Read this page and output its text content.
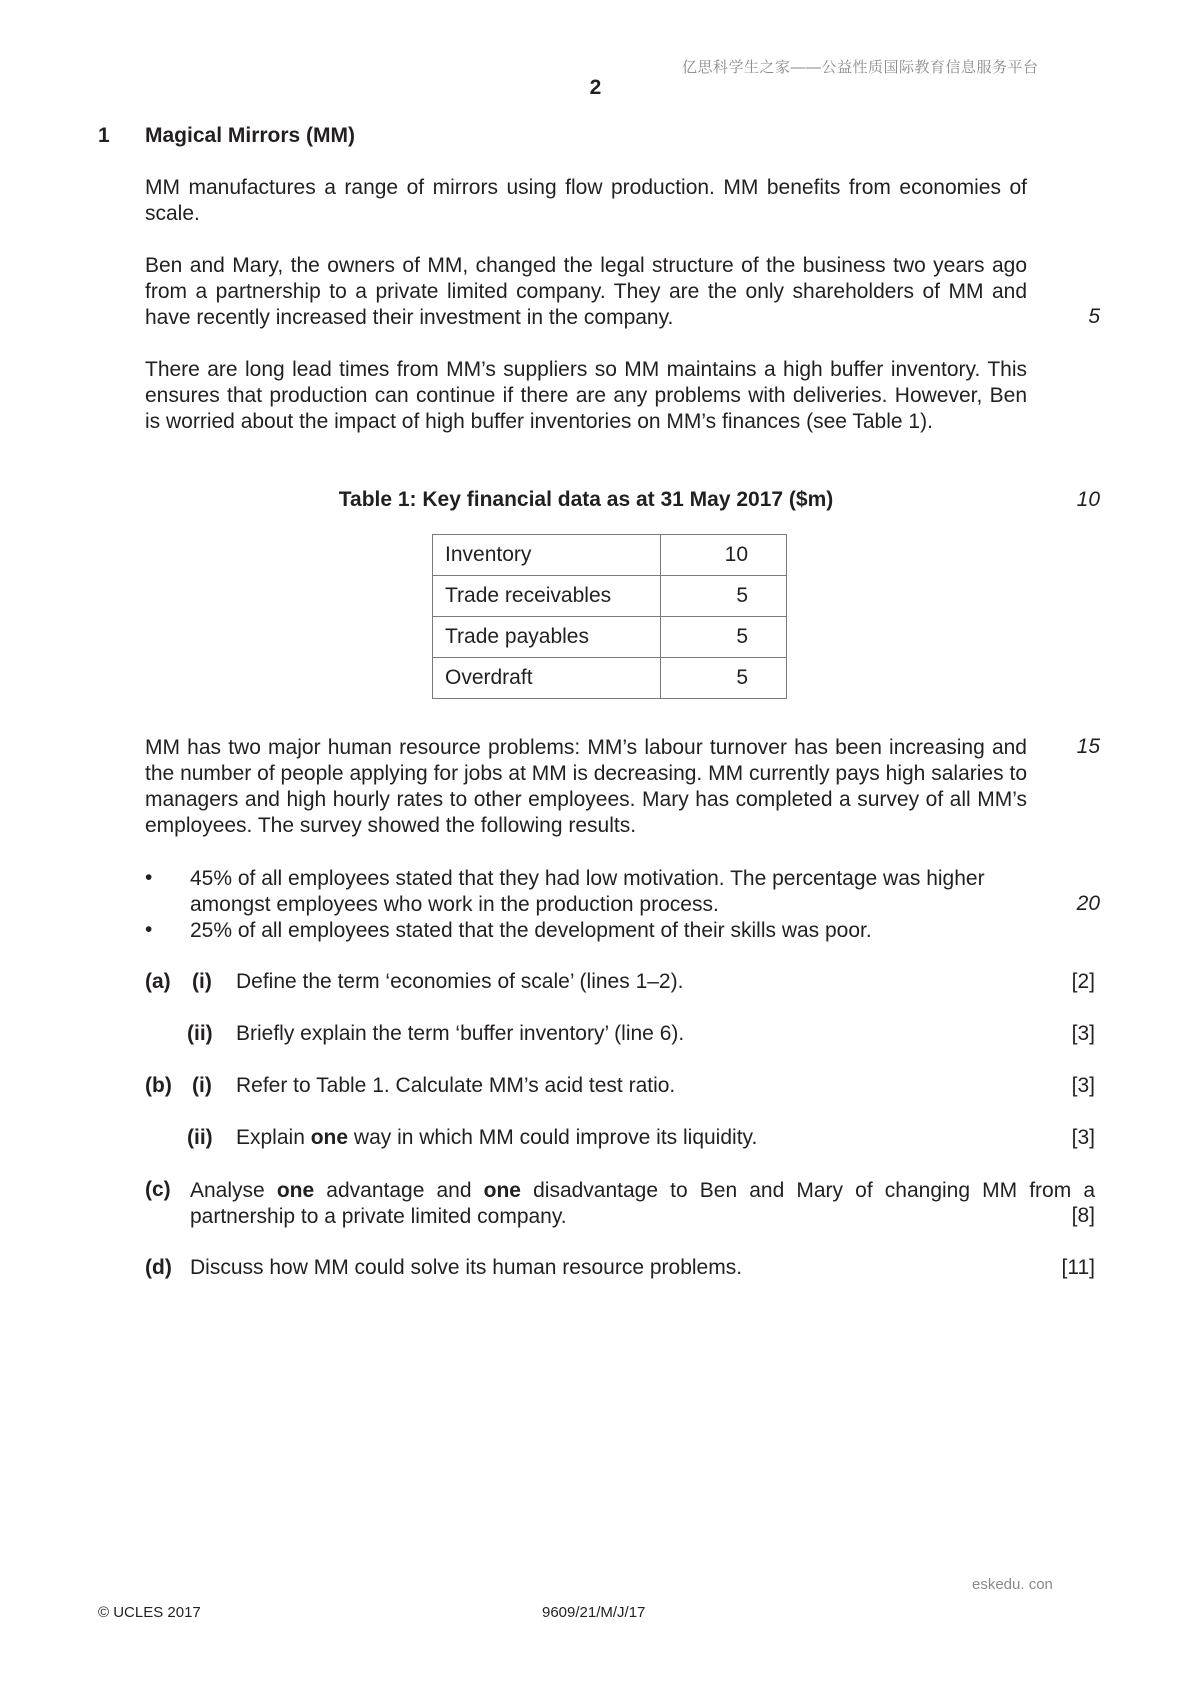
亿思科学生之家——公益性质国际教育信息服务平台
2
1 Magical Mirrors (MM)

MM manufactures a range of mirrors using flow production. MM benefits from economies of scale.

Ben and Mary, the owners of MM, changed the legal structure of the business two years ago from a partnership to a private limited company. They are the only shareholders of MM and have recently increased their investment in the company.	5

There are long lead times from MM’s suppliers so MM maintains a high buffer inventory. This ensures that production can continue if there are any problems with deliveries. However, Ben is worried about the impact of high buffer inventories on MM’s finances (see Table 1).

Table 1: Key financial data as at 31 May 2017 ($m)	10
Inventory	10
Trade receivables	5
Trade payables	5
Overdraft	5

MM has two major human resource problems: MM’s labour turnover has been increasing and the number of people applying for jobs at MM is decreasing. MM currently pays high salaries to managers and high hourly rates to other employees. Mary has completed a survey of all MM’s employees. The survey showed the following results.

15
• 45% of all employees stated that they had low motivation. The percentage was higher amongst employees who work in the production process.	20
• 25% of all employees stated that the development of their skills was poor.

(a) (i) Define the term ‘economies of scale’ (lines 1–2).	[2]
(ii) Briefly explain the term ‘buffer inventory’ (line 6).	[3]
(b) (i) Refer to Table 1. Calculate MM’s acid test ratio.	[3]
(ii) Explain one way in which MM could improve its liquidity.	[3]
(c) Analyse one advantage and one disadvantage to Ben and Mary of changing MM from a partnership to a private limited company.	[8]
(d) Discuss how MM could solve its human resource problems.	[11]
eskedu. con
© UCLES 2017	9609/21/M/J/17
